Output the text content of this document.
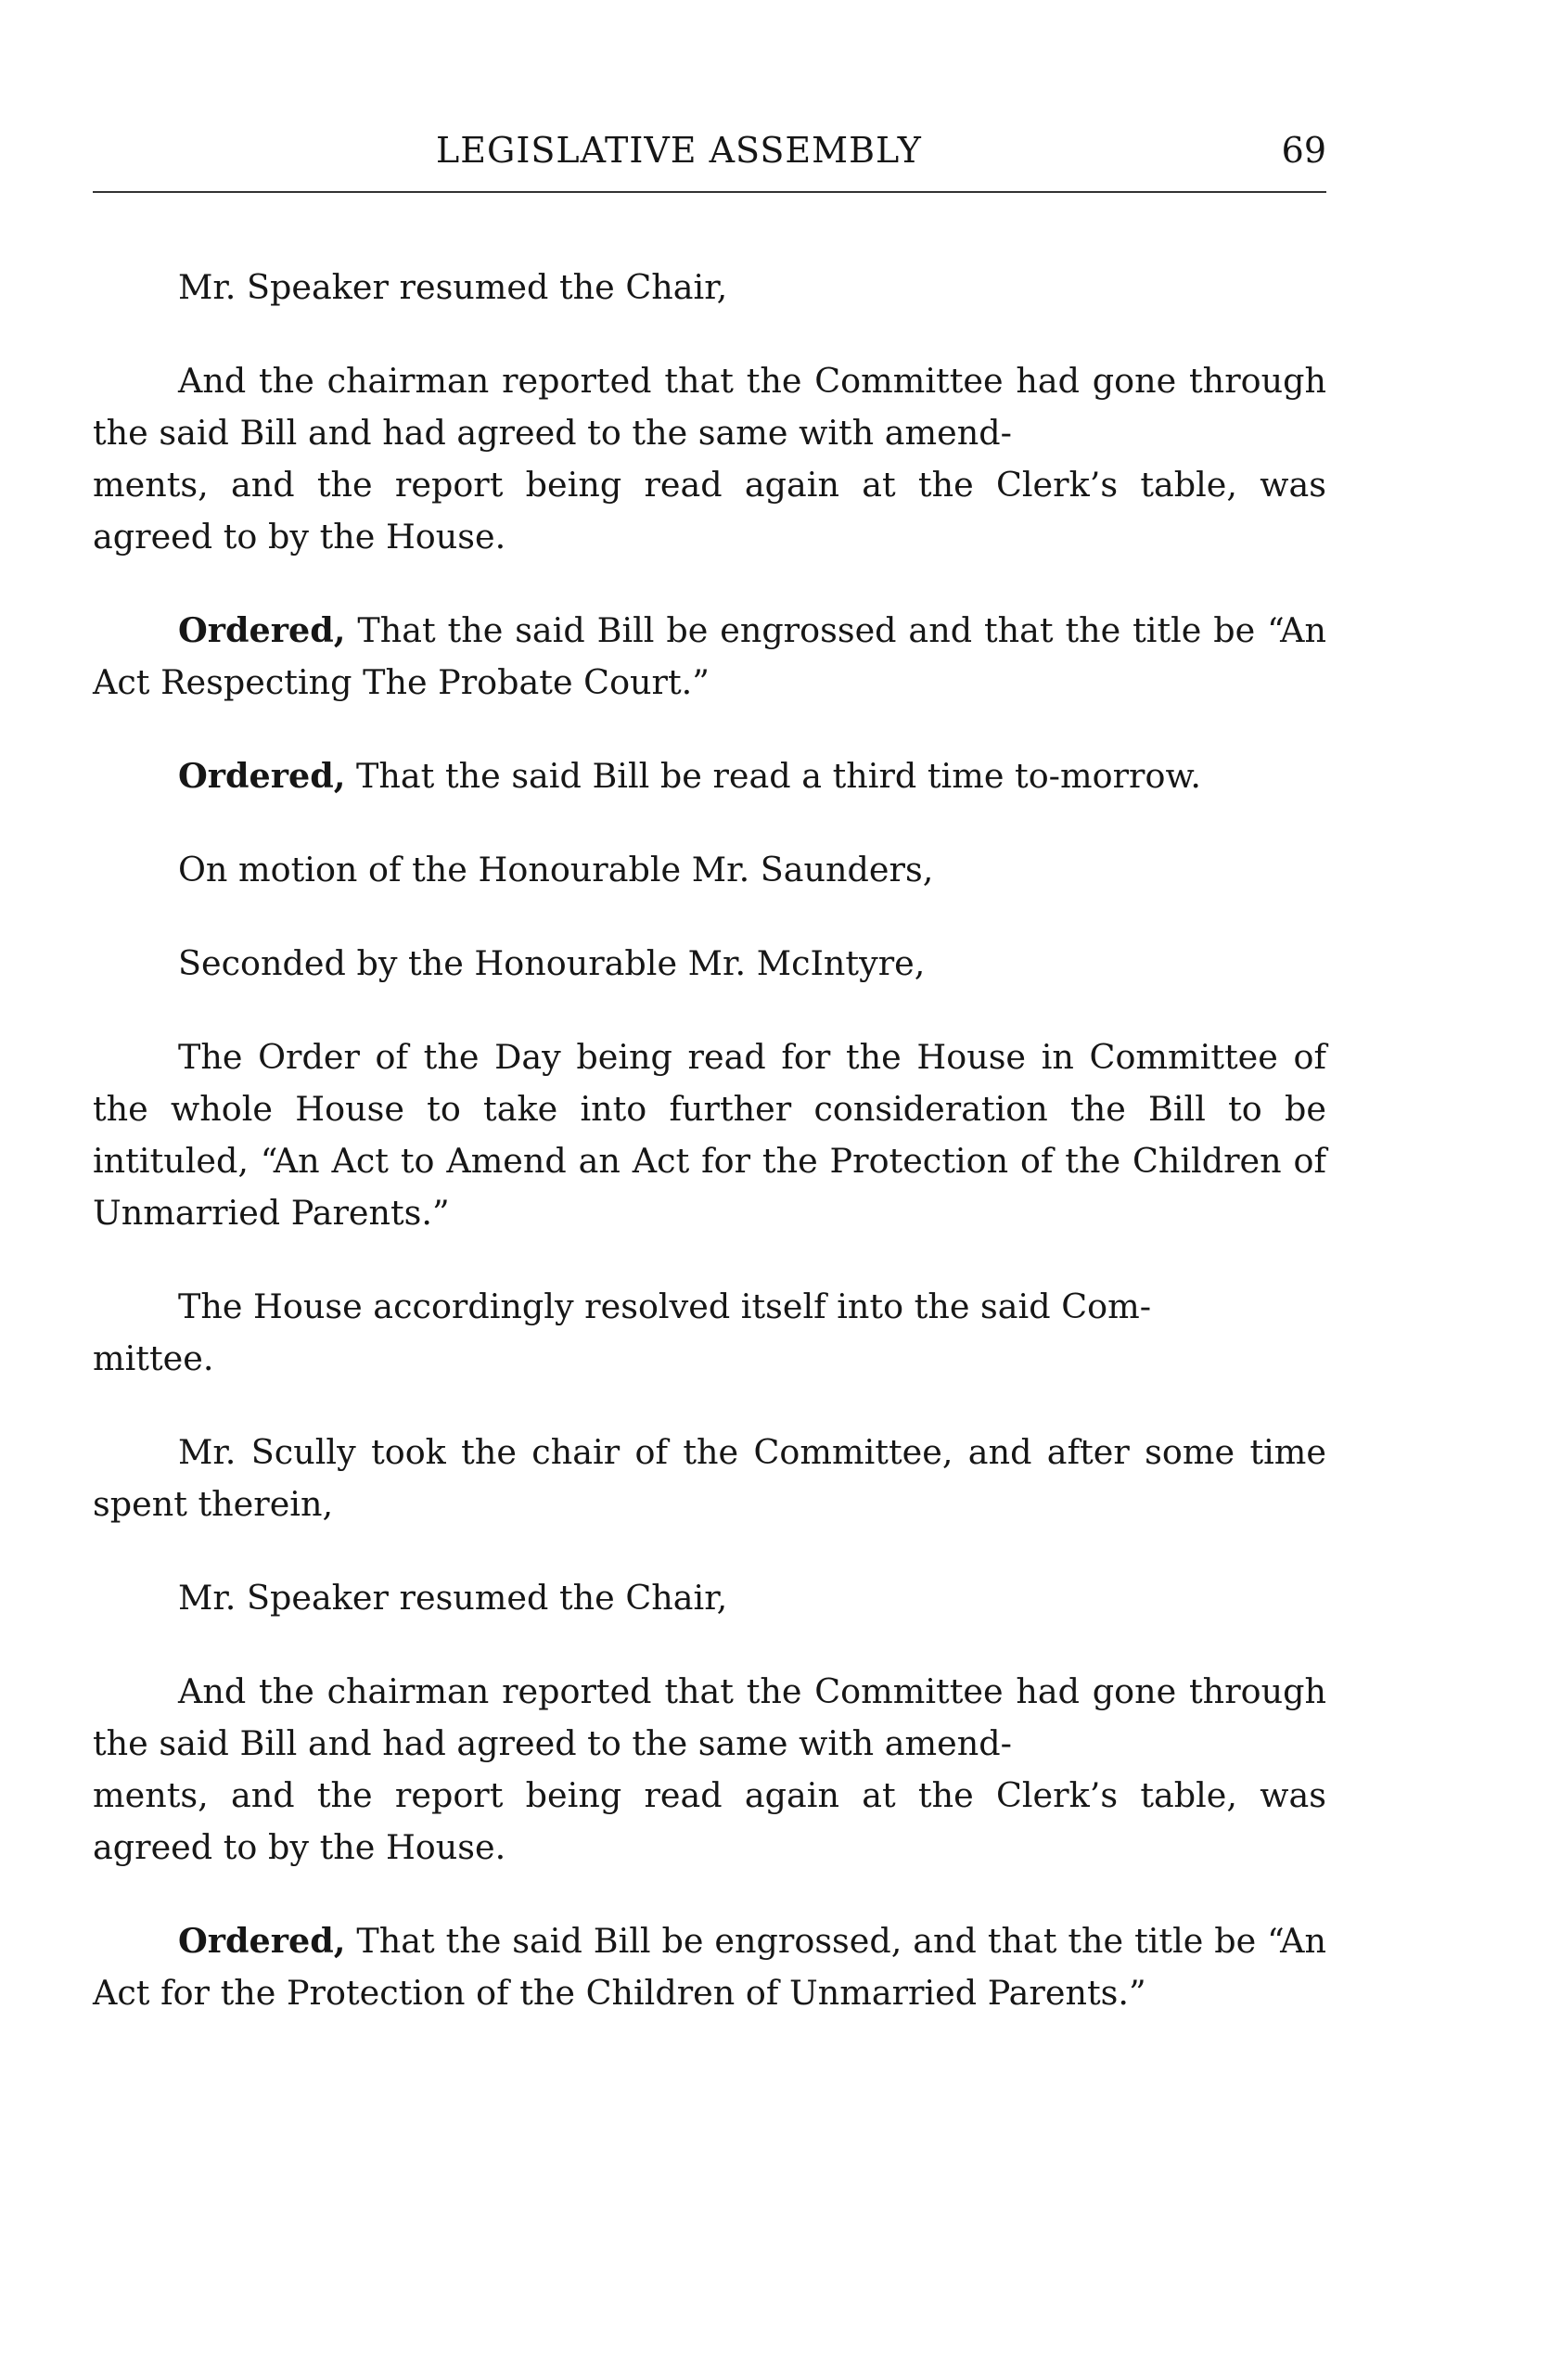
LEGISLATIVE ASSEMBLY	69

Mr. Speaker resumed the Chair,

And the chairman reported that the Committee had gone through the said Bill and had agreed to the same with amend-
ments, and the report being read again at the Clerk’s table, was agreed to by the House.

Ordered, That the said Bill be engrossed and that the title be “An Act Respecting The Probate Court.”

Ordered, That the said Bill be read a third time to-morrow.

On motion of the Honourable Mr. Saunders,

Seconded by the Honourable Mr. McIntyre,

The Order of the Day being read for the House in Committee of the whole House to take into further consideration the Bill to be intituled, “An Act to Amend an Act for the Protection of the Children of Unmarried Parents.”

The House accordingly resolved itself into the said Com-
mittee.

Mr. Scully took the chair of the Committee, and after some time spent therein,

Mr. Speaker resumed the Chair,

And the chairman reported that the Committee had gone through the said Bill and had agreed to the same with amend-
ments, and the report being read again at the Clerk’s table, was agreed to by the House.

Ordered, That the said Bill be engrossed, and that the title be “An Act for the Protection of the Children of Unmarried Parents.”
